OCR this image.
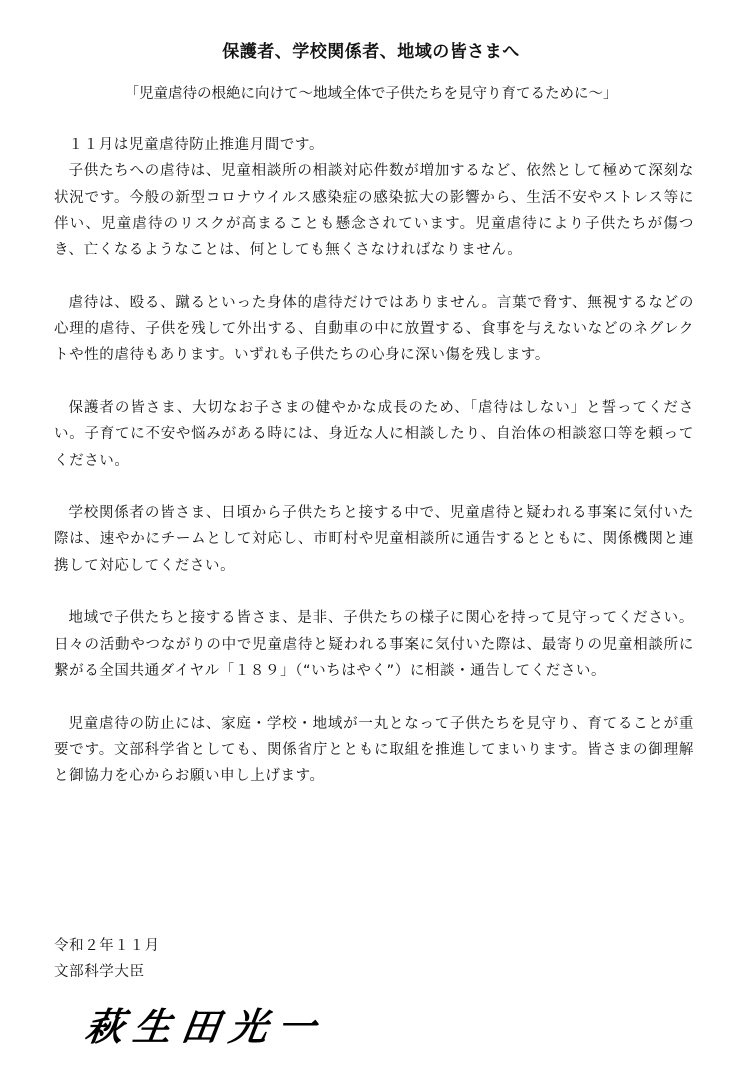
保護者、学校関係者、地域の皆さまへ
「児童虐待の根絶に向けて～地域全体で子供たちを見守り育てるために～」

１１月は児童虐待防止推進月間です。

子供たちへの虐待は、児童相談所の相談対応件数が増加するなど、依然として極めて深刻な状況です。今般の新型コロナウイルス感染症の感染拡大の影響から、生活不安やストレス等に伴い、児童虐待のリスクが高まることも懸念されています。児童虐待により子供たちが傷つき、亡くなるようなことは、何としても無くさなければなりません。

虐待は、殴る、蹴るといった身体的虐待だけではありません。言葉で脅す、無視するなどの心理的虐待、子供を残して外出する、自動車の中に放置する、食事を与えないなどのネグレクトや性的虐待もあります。いずれも子供たちの心身に深い傷を残します。

保護者の皆さま、大切なお子さまの健やかな成長のため、「虐待はしない」と誓ってください。子育てに不安や悩みがある時には、身近な人に相談したり、自治体の相談窓口等を頼ってください。

学校関係者の皆さま、日頃から子供たちと接する中で、児童虐待と疑われる事案に気付いた際は、速やかにチームとして対応し、市町村や児童相談所に通告するとともに、関係機関と連携して対応してください。

地域で子供たちと接する皆さま、是非、子供たちの様子に関心を持って見守ってください。日々の活動やつながりの中で児童虐待と疑われる事案に気付いた際は、最寄りの児童相談所に繋がる全国共通ダイヤル「１８９」（“いちはやく”）に相談・通告してください。

児童虐待の防止には、家庭・学校・地域が一丸となって子供たちを見守り、育てることが重要です。文部科学省としても、関係省庁とともに取組を推進してまいります。皆さまの御理解と御協力を心からお願い申し上げます。

令和２年１１月
文部科学大臣
萩生田光一
